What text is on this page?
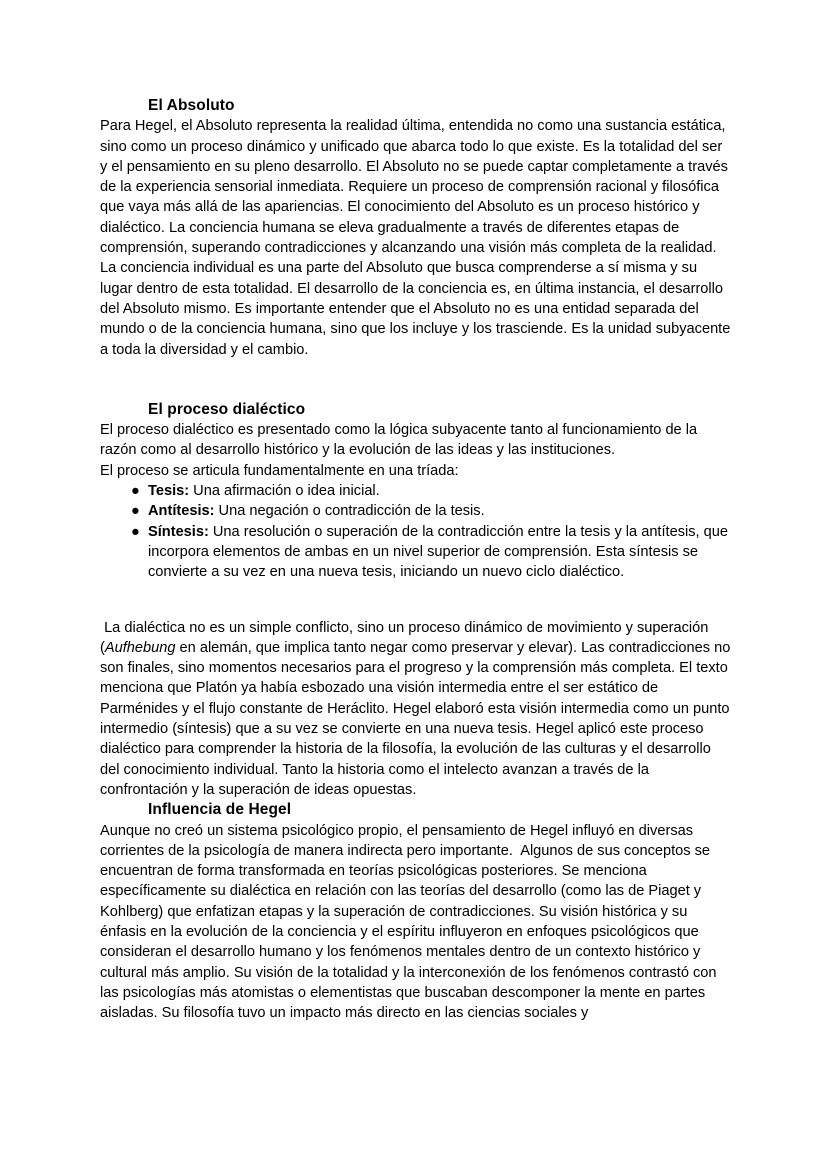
El Absoluto

Para Hegel, el Absoluto representa la realidad última, entendida no como una sustancia estática, sino como un proceso dinámico y unificado que abarca todo lo que existe. Es la totalidad del ser y el pensamiento en su pleno desarrollo. El Absoluto no se puede captar completamente a través de la experiencia sensorial inmediata. Requiere un proceso de comprensión racional y filosófica que vaya más allá de las apariencias. El conocimiento del Absoluto es un proceso histórico y dialéctico. La conciencia humana se eleva gradualmente a través de diferentes etapas de comprensión, superando contradicciones y alcanzando una visión más completa de la realidad. La conciencia individual es una parte del Absoluto que busca comprenderse a sí misma y su lugar dentro de esta totalidad. El desarrollo de la conciencia es, en última instancia, el desarrollo del Absoluto mismo. Es importante entender que el Absoluto no es una entidad separada del mundo o de la conciencia humana, sino que los incluye y los trasciende. Es la unidad subyacente a toda la diversidad y el cambio.

El proceso dialéctico

El proceso dialéctico es presentado como la lógica subyacente tanto al funcionamiento de la razón como al desarrollo histórico y la evolución de las ideas y las instituciones.

El proceso se articula fundamentalmente en una tríada:

● Tesis: Una afirmación o idea inicial.
● Antítesis: Una negación o contradicción de la tesis.
● Síntesis: Una resolución o superación de la contradicción entre la tesis y la antítesis, que incorpora elementos de ambas en un nivel superior de comprensión. Esta síntesis se convierte a su vez en una nueva tesis, iniciando un nuevo ciclo dialéctico.

La dialéctica no es un simple conflicto, sino un proceso dinámico de movimiento y superación (Aufhebung en alemán, que implica tanto negar como preservar y elevar). Las contradicciones no son finales, sino momentos necesarios para el progreso y la comprensión más completa. El texto menciona que Platón ya había esbozado una visión intermedia entre el ser estático de Parménides y el flujo constante de Heráclito. Hegel elaboró esta visión intermedia como un punto intermedio (síntesis) que a su vez se convierte en una nueva tesis. Hegel aplicó este proceso dialéctico para comprender la historia de la filosofía, la evolución de las culturas y el desarrollo del conocimiento individual. Tanto la historia como el intelecto avanzan a través de la confrontación y la superación de ideas opuestas.

Influencia de Hegel

Aunque no creó un sistema psicológico propio, el pensamiento de Hegel influyó en diversas corrientes de la psicología de manera indirecta pero importante.  Algunos de sus conceptos se encuentran de forma transformada en teorías psicológicas posteriores. Se menciona específicamente su dialéctica en relación con las teorías del desarrollo (como las de Piaget y Kohlberg) que enfatizan etapas y la superación de contradicciones. Su visión histórica y su énfasis en la evolución de la conciencia y el espíritu influyeron en enfoques psicológicos que consideran el desarrollo humano y los fenómenos mentales dentro de un contexto histórico y cultural más amplio. Su visión de la totalidad y la interconexión de los fenómenos contrastó con las psicologías más atomistas o elementistas que buscaban descomponer la mente en partes aisladas. Su filosofía tuvo un impacto más directo en las ciencias sociales y
